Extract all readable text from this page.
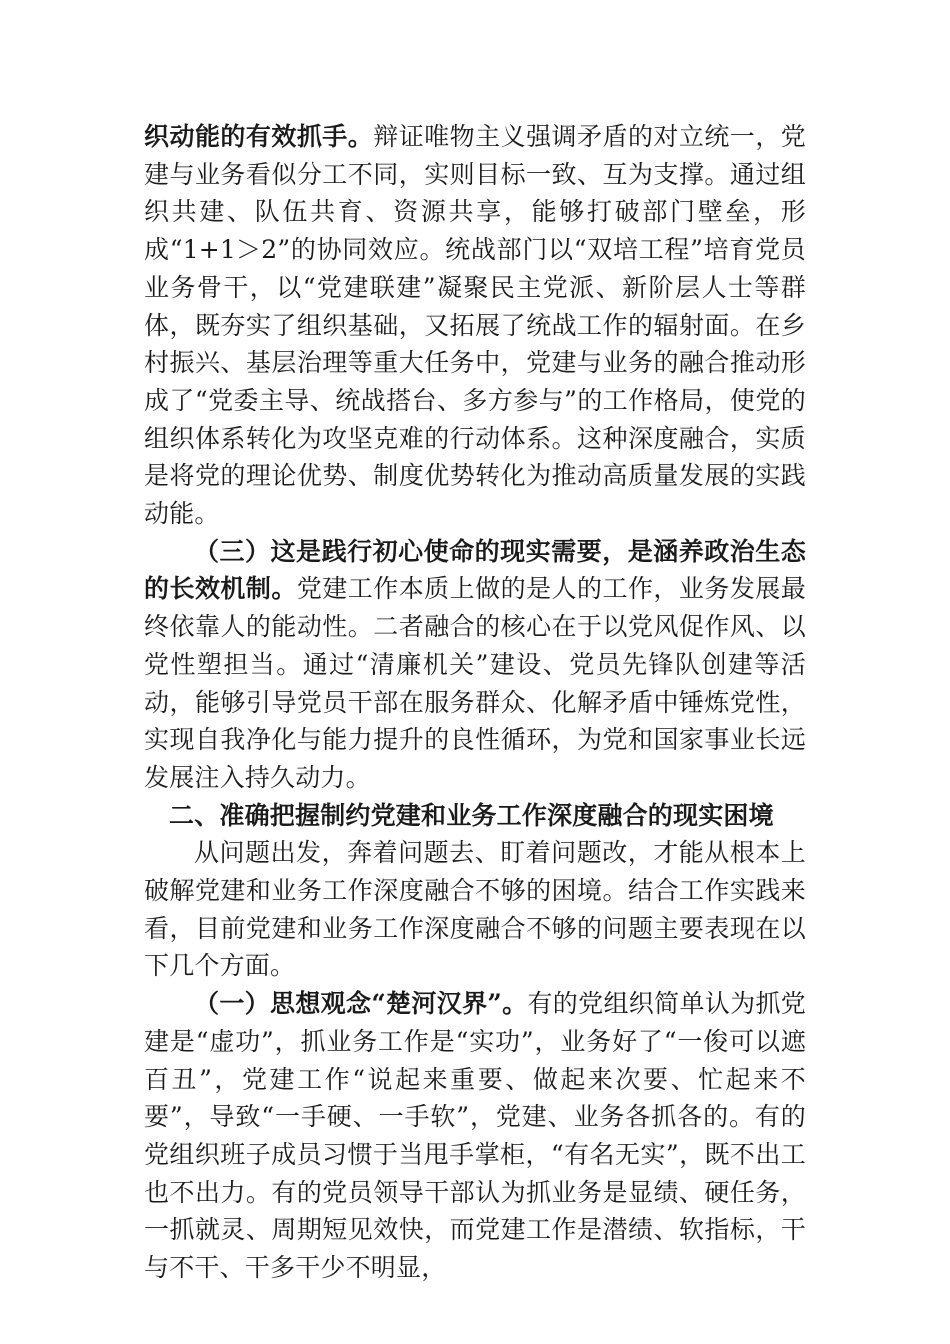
织动能的有效抓手。辩证唯物主义强调矛盾的对立统一，党建与业务看似分工不同，实则目标一致、互为支撑。通过组织共建、队伍共育、资源共享，能够打破部门壁垒，形成“1+1＞2”的协同效应。统战部门以“双培工程”培育党员业务骨干，以“党建联建”凝聚民主党派、新阶层人士等群体，既夯实了组织基础，又拓展了统战工作的辐射面。在乡村振兴、基层治理等重大任务中，党建与业务的融合推动形成了“党委主导、统战搭台、多方参与”的工作格局，使党的组织体系转化为攻坚克难的行动体系。这种深度融合，实质是将党的理论优势、制度优势转化为推动高质量发展的实践动能。

（三）这是践行初心使命的现实需要，是涵养政治生态的长效机制。党建工作本质上做的是人的工作，业务发展最终依靠人的能动性。二者融合的核心在于以党风促作风、以党性塑担当。通过“清廉机关”建设、党员先锋队创建等活动，能够引导党员干部在服务群众、化解矛盾中锤炼党性，实现自我净化与能力提升的良性循环，为党和国家事业长远发展注入持久动力。

二、准确把握制约党建和业务工作深度融合的现实困境

从问题出发，奔着问题去、盯着问题改，才能从根本上破解党建和业务工作深度融合不够的困境。结合工作实践来看，目前党建和业务工作深度融合不够的问题主要表现在以下几个方面。

（一）思想观念“楚河汉界”。有的党组织简单认为抓党建是“虚功”，抓业务工作是“实功”，业务好了“一俊可以遮百丑”，党建工作“说起来重要、做起来次要、忙起来不要”，导致“一手硬、一手软”，党建、业务各抓各的。有的党组织班子成员习惯于当甩手掌柜，“有名无实”，既不出工也不出力。有的党员领导干部认为抓业务是显绩、硬任务，一抓就灵、周期短见效快，而党建工作是潜绩、软指标，干与不干、干多干少不明显，
